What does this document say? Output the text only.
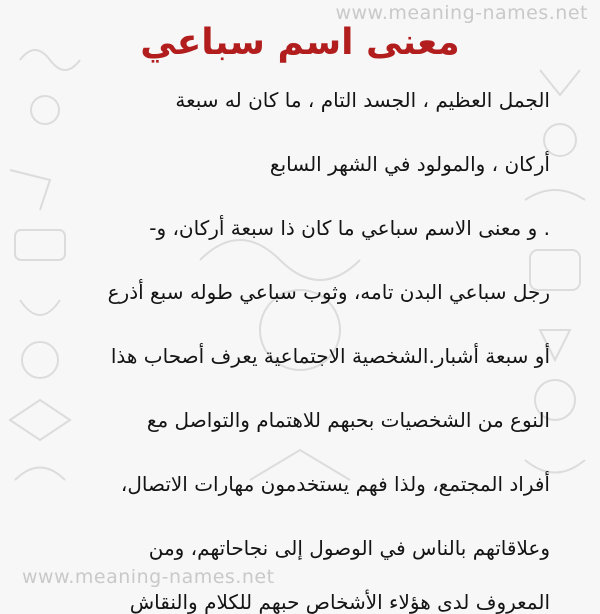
www.meaning-names.net
معنى اسم سباعي
الجمل العظيم ، الجسد التام ، ما كان له سبعة
أركان ، والمولود في الشهر السابع
. و معنى الاسم سباعي ما كان ذا سبعة أركان، و-
رجل سباعي البدن تامه، وثوب سباعي طوله سبع أذرع
أو سبعة أشبار.الشخصية الاجتماعية يعرف أصحاب هذا
النوع من الشخصيات بحبهم للاهتمام والتواصل مع
أفراد المجتمع، ولذا فهم يستخدمون مهارات الاتصال،
وعلاقاتهم بالناس في الوصول إلى نجاحاتهم، ومن
المعروف لدى هؤلاء الأشخاص حبهم للكلام والنقاش
www.meaning-names.net
